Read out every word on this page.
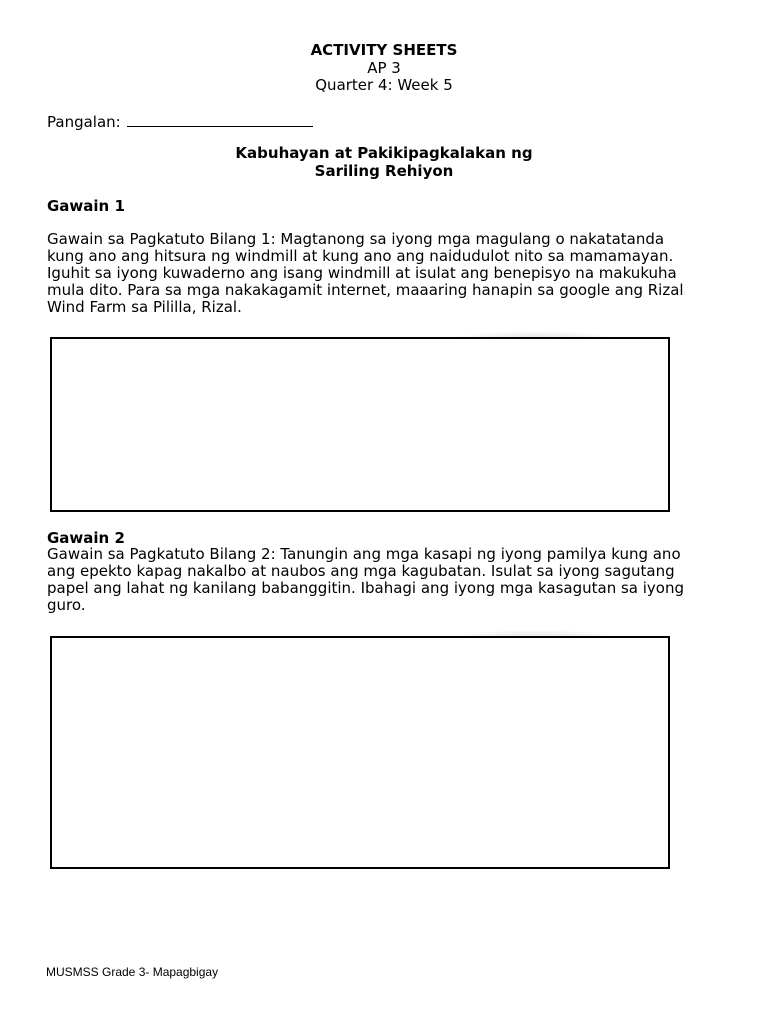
ACTIVITY SHEETS
AP 3
Quarter 4: Week 5
Pangalan:
Kabuhayan at Pakikipagkalakan ng
Sariling Rehiyon
Gawain 1
Gawain sa Pagkatuto Bilang 1: Magtanong sa iyong mga magulang o nakatatanda
kung ano ang hitsura ng windmill at kung ano ang naidudulot nito sa mamamayan.
Iguhit sa iyong kuwaderno ang isang windmill at isulat ang benepisyo na makukuha
mula dito. Para sa mga nakakagamit internet, maaaring hanapin sa google ang Rizal
Wind Farm sa Pililla, Rizal.
Gawain 2
Gawain sa Pagkatuto Bilang 2: Tanungin ang mga kasapi ng iyong pamilya kung ano
ang epekto kapag nakalbo at naubos ang mga kagubatan. Isulat sa iyong sagutang
papel ang lahat ng kanilang babanggitin. Ibahagi ang iyong mga kasagutan sa iyong
guro.
MUSMSS Grade 3- Mapagbigay
